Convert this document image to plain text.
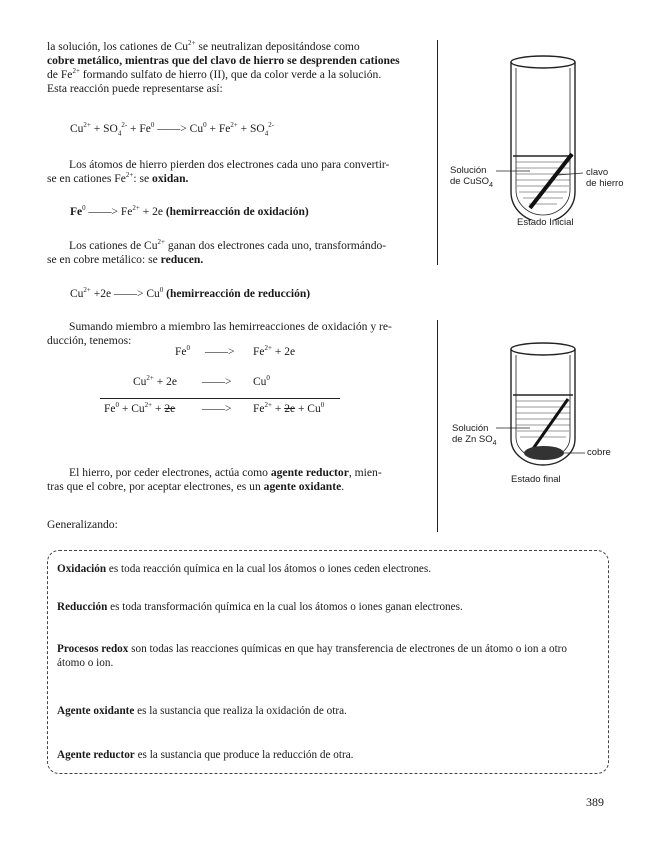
la solución, los cationes de $Cu^{2+}$ se neutralizan depositándose como
cobre metálico, mientras que del clavo de hierro se desprenden cationes
de $Fe^{2+}$ formando sulfato de hierro (II), que da color verde a la solución.
Esta reacción puede representarse así:
$Cu^{2+} + SO_4^{2-} + Fe^0$ ——> $Cu^0 + Fe^{2+} + SO_4^{2-}$
Los átomos de hierro pierden dos electrones cada uno para convertir-
se en cationes $Fe^{2+}$: se oxidan.
Fe$^0$ ——> $Fe^{2+} + 2e$ (hemirreacción de oxidación)
Los cationes de $Cu^{2+}$ ganan dos electrones cada uno, transformándo-
se en cobre metálico: se reducen.
$Cu^{2+} +2e$ ——> $Cu^0$ (hemirreacción de reducción)
Sumando miembro a miembro las hemirreacciones de oxidación y re-
ducción, tenemos:
Fe$^0$ ——> $Fe^{2+} + 2e$
$Cu^{2+} + 2e$ ——> $Cu^0$
$Fe^0 + Cu^{2+} + 2e$ ——> $Fe^{2+} + 2e + Cu^0$
El hierro, por ceder electrones, actúa como agente reductor, mien-
tras que el cobre, por aceptar electrones, es un agente oxidante.
Generalizando:
Solución
de CuSO$_4$
clavo
de hierro
Estado Inicial
Solución
de Zn $SO_4$
cobre
Estado final
Oxidación es toda reacción química en la cual los átomos o iones ceden electrones.
Reducción es toda transformación química en la cual los átomos o iones ganan electrones.
Procesos redox son todas las reacciones químicas en que hay transferencia de electrones de un átomo o ion a otro átomo o ion.
Agente oxidante es la sustancia que realiza la oxidación de otra.
Agente reductor es la sustancia que produce la reducción de otra.
389
